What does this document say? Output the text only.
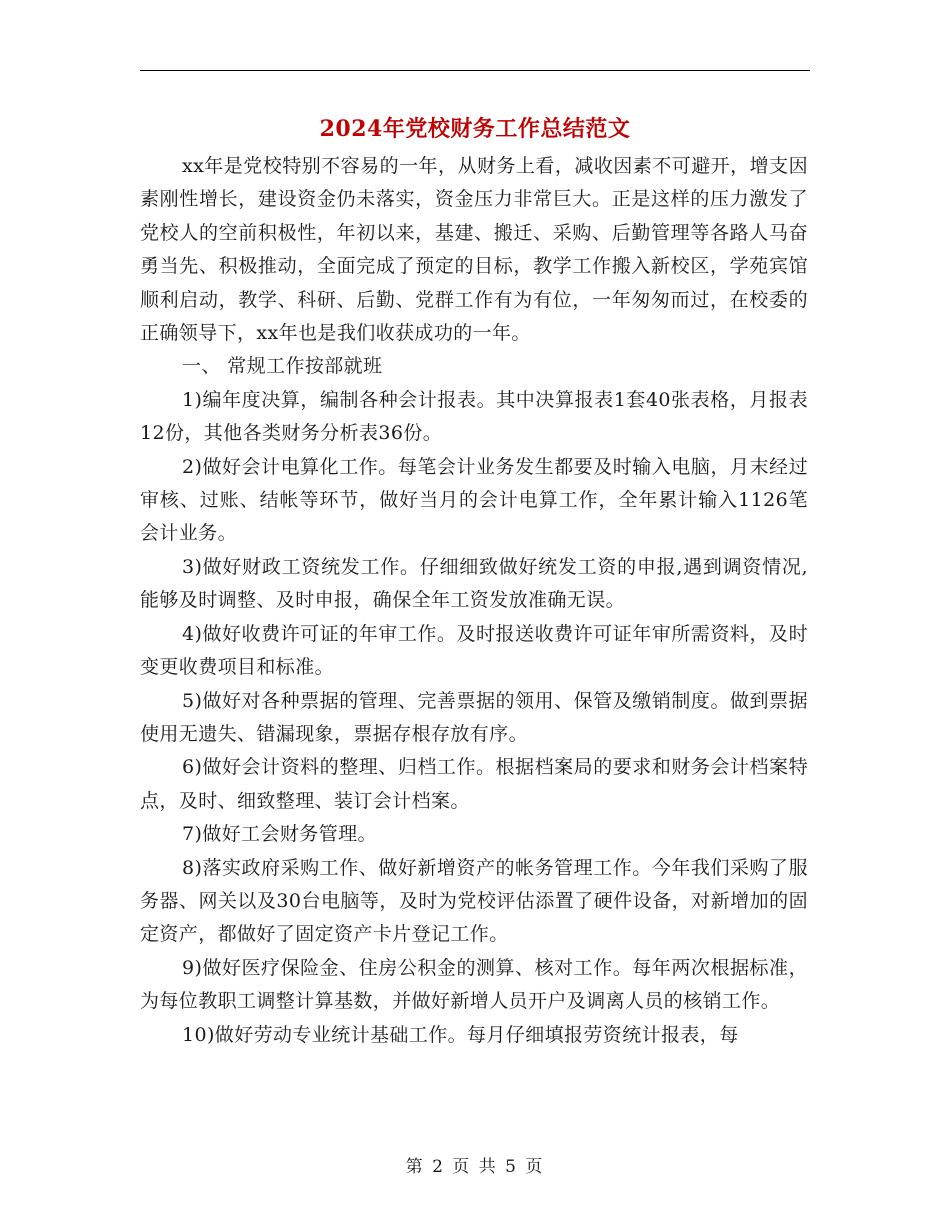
2024年党校财务工作总结范文

xx年是党校特别不容易的一年，从财务上看，减收因素不可避开，增支因素刚性增长，建设资金仍未落实，资金压力非常巨大。正是这样的压力激发了党校人的空前积极性，年初以来，基建、搬迁、采购、后勤管理等各路人马奋勇当先、积极推动，全面完成了预定的目标，教学工作搬入新校区，学苑宾馆顺利启动，教学、科研、后勤、党群工作有为有位，一年匆匆而过，在校委的正确领导下，xx年也是我们收获成功的一年。

一、 常规工作按部就班

1)编年度决算，编制各种会计报表。其中决算报表1套40张表格，月报表12份，其他各类财务分析表36份。

2)做好会计电算化工作。每笔会计业务发生都要及时输入电脑，月末经过审核、过账、结帐等环节，做好当月的会计电算工作，全年累计输入1126笔会计业务。

3)做好财政工资统发工作。仔细细致做好统发工资的申报,遇到调资情况,能够及时调整、及时申报，确保全年工资发放准确无误。

4)做好收费许可证的年审工作。及时报送收费许可证年审所需资料，及时变更收费项目和标准。

5)做好对各种票据的管理、完善票据的领用、保管及缴销制度。做到票据使用无遗失、错漏现象，票据存根存放有序。

6)做好会计资料的整理、归档工作。根据档案局的要求和财务会计档案特点，及时、细致整理、装订会计档案。

7)做好工会财务管理。

8)落实政府采购工作、做好新增资产的帐务管理工作。今年我们采购了服务器、网关以及30台电脑等，及时为党校评估添置了硬件设备，对新增加的固定资产，都做好了固定资产卡片登记工作。

9)做好医疗保险金、住房公积金的测算、核对工作。每年两次根据标准，为每位教职工调整计算基数，并做好新增人员开户及调离人员的核销工作。

10)做好劳动专业统计基础工作。每月仔细填报劳资统计报表，每

第 2 页 共 5 页
